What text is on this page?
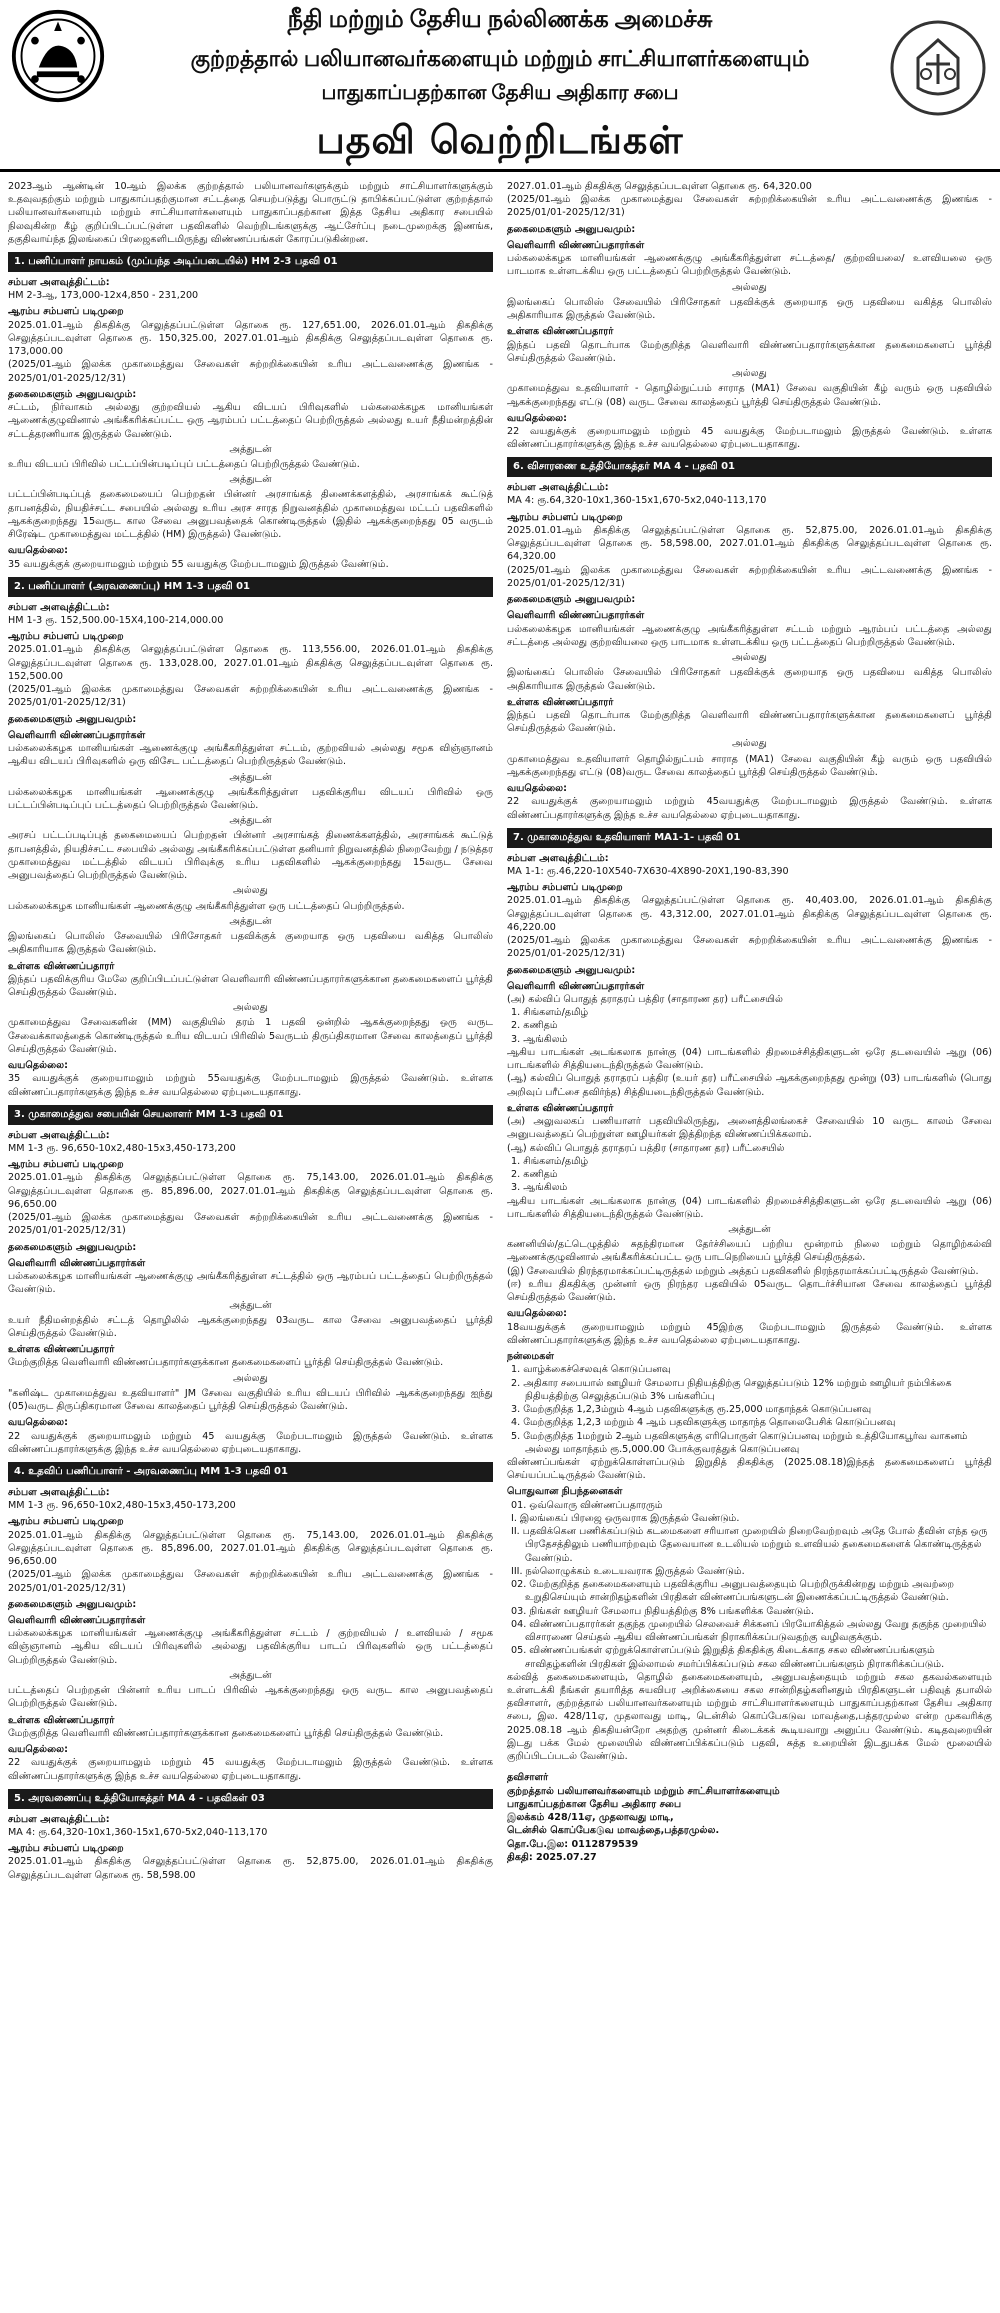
நீதி மற்றும் தேசிய நல்லிணக்க அமைச்சு
குற்றத்தால் பலியானவர்களையும் மற்றும் சாட்சியாளர்களையும்
பாதுகாப்பதற்கான தேசிய அதிகார சபை
பதவி வெற்றிடங்கள்
2023ஆம் ஆண்டின் 10ஆம் இலக்க குற்றத்தால் பலியானவர்களுக்கும் மற்றும் சாட்சியாளர்களுக்கும் உதவுவதற்கும் மற்றும் பாதுகாப்பதற்குமான சட்டத்தை செயற்படுத்து பொருட்டு தாபிக்கப்பட்டுள்ள குற்றத்தால் பலியானவர்களையும் மற்றும் சாட்சியாளர்களையும் பாதுகாப்பதற்கான இத்த தேசிய அதிகார சபையில் நிலவுகின்ற கீழ் குறிப்பிடப்பட்டுள்ள பதவிகளில் வெற்றிடங்களுக்கு ஆட்சேர்ப்பு நடைமுறைக்கு இணங்க, தகுதிவாய்ந்த இலங்கைப் பிரஜைகளிடமிருந்து விண்ணப்பங்கள் கோரப்படுகின்றன.
1. பணிப்பாளர் நாயகம் (முப்பந்த அடிப்படையில்) HM 2-3 பதவி 01
சம்பள அளவுத்திட்டம்:
HM 2-3ஆ, 173,000-12x4,850 - 231,200
ஆரம்ப சம்பளப் படிமுறை
2025.01.01ஆம் திகதிக்கு செலுத்தப்பட்டுள்ள தொகை ரூ. 127,651.00, 2026.01.01ஆம் திகதிக்கு செலுத்தப்படவுள்ள தொகை ரூ. 150,325.00, 2027.01.01ஆம் திகதிக்கு செலுத்தப்படவுள்ள தொகை ரூ. 173,000.00
(2025/01ஆம் இலக்க முகாமைத்துவ சேவைகள் சுற்றறிக்கையின் உரிய அட்டவணைக்கு இணங்க - 2025/01/01-2025/12/31)
தகைமைகளும் அனுபவமும்:
சட்டம், நிர்வாகம் அல்லது குற்றவியல் ஆகிய விடயப் பிரிவுகளில் பல்கலைக்கழக மானியங்கள் ஆணைக்குழுவினால் அங்கீகரிக்கப்பட்ட ஒரு ஆரம்பப் பட்டத்தைப் பெற்றிருத்தல் அல்லது உயர் நீதிமன்றத்தின் சட்டத்தரணியாக இருத்தல் வேண்டும்.
அத்துடன்
உரிய விடயப் பிரிவில் பட்டப்பின்படிப்புப் பட்டத்தைப் பெற்றிருத்தல் வேண்டும்.
அத்துடன்
பட்டப்பின்படிப்புத் தகைமையைப் பெற்றதன் பின்னர் அரசாங்கத் திணைக்களத்தில், அரசாங்கக் கூட்டுத் தாபனத்தில், நியதிச்சட்ட சபையில் அல்லது உரிய அரச சாரத நிறுவனத்தில் முகாமைத்துவ மட்டப் பதவிகளில் ஆகக்குறைந்தது 15வருட கால சேவை அனுபவத்தைக் கொண்டிருத்தல் (இதில் ஆகக்குறைந்தது 05 வருடம் சிரேஷ்ட முகாமைத்துவ மட்டத்தில் (HM) இருத்தல்) வேண்டும்.
வயதெல்லை:
35 வயதுக்குக் குறையாமலும் மற்றும் 55 வயதுக்கு மேற்படாமலும் இருத்தல் வேண்டும்.
2. பணிப்பாளர் (அரவணைப்பு) HM 1-3 பதவி 01
சம்பள அளவுத்திட்டம்:
HM 1-3 ரூ. 152,500.00-15X4,100-214,000.00
ஆரம்ப சம்பளப் படிமுறை
2025.01.01ஆம் திகதிக்கு செலுத்தப்பட்டுள்ள தொகை ரூ. 113,556.00, 2026.01.01ஆம் திகதிக்கு செலுத்தப்படவுள்ள தொகை ரூ. 133,028.00, 2027.01.01ஆம் திகதிக்கு செலுத்தப்படவுள்ள தொகை ரூ. 152,500.00
(2025/01ஆம் இலக்க முகாமைத்துவ சேவைகள் சுற்றறிக்கையின் உரிய அட்டவணைக்கு இணங்க - 2025/01/01-2025/12/31)
தகைமைகளும் அனுபவமும்:
வெளிவாரி விண்ணப்பதாரர்கள்
பல்கலைக்கழக மானியங்கள் ஆணைக்குழு அங்கீகரித்துள்ள சட்டம், குற்றவியல் அல்லது சமூக விஞ்ஞானம் ஆகிய விடயப் பிரிவுகளில் ஒரு விசேட பட்டத்தைப் பெற்றிருத்தல் வேண்டும்.
அத்துடன்
பல்கலைக்கழக மானியங்கள் ஆணைக்குழு அங்கீகரித்துள்ள பதவிக்குரிய விடயப் பிரிவில் ஒரு பட்டப்பின்படிப்புப் பட்டத்தைப் பெற்றிருத்தல் வேண்டும்.
அத்துடன்
அரசப் பட்டப்படிப்புத் தகைமையைப் பெற்றதன் பின்னர் அரசாங்கத் திணைக்களத்தில், அரசாங்கக் கூட்டுத் தாபனத்தில், நியதிச்சட்ட சபையில் அல்லது அங்கீகரிக்கப்பட்டுள்ள தனியார் நிறுவனத்தில் நிறைவேற்று / நடுத்தர முகாமைத்துவ மட்டத்தில் விடயப் பிரிவுக்கு உரிய பதவிகளில் ஆகக்குறைந்தது 15வருட சேவை அனுபவத்தைப் பெற்றிருத்தல் வேண்டும்.
அல்லது
பல்கலைக்கழக மானியங்கள் ஆணைக்குழு அங்கீகரித்துள்ள ஒரு பட்டத்தைப் பெற்றிருத்தல்.
அத்துடன்
இலங்கைப் பொலிஸ் சேவையில் பிரிசோதகர் பதவிக்குக் குறையாத ஒரு பதவியை வகித்த பொலிஸ் அதிகாரியாக இருத்தல் வேண்டும்.
உள்ளக விண்ணப்பதாரர்
இந்தப் பதவிக்குரிய மேலே குறிப்பிடப்பட்டுள்ள வெளிவாரி விண்ணப்பதாரர்களுக்கான தகைமைகளைப் பூர்த்தி செய்திருத்தல் வேண்டும்.
அல்லது
முகாமைத்துவ சேவைகளின் (MM) வகுதியில் தரம் 1 பதவி ஒன்றில் ஆகக்குறைந்தது ஒரு வருட சேவைக்காலத்தைக் கொண்டிருத்தல் உரிய விடயப் பிரிவில் 5வருடம் திருப்திகரமான சேவை காலத்தைப் பூர்த்தி செய்திருத்தல் வேண்டும்.
வயதெல்லை:
35 வயதுக்குக் குறையாமலும் மற்றும் 55வயதுக்கு மேற்படாமலும் இருத்தல் வேண்டும். உள்ளக விண்ணப்பதாரர்களுக்கு இந்த உச்ச வயதெல்லை ஏற்புடையதாகாது.
3. முகாமைத்துவ சபையின் செயலாளர் MM 1-3 பதவி 01
சம்பள அளவுத்திட்டம்:
MM 1-3 ரூ. 96,650-10x2,480-15x3,450-173,200
ஆரம்ப சம்பளப் படிமுறை
2025.01.01ஆம் திகதிக்கு செலுத்தப்பட்டுள்ள தொகை ரூ. 75,143.00, 2026.01.01ஆம் திகதிக்கு செலுத்தப்படவுள்ள தொகை ரூ. 85,896.00, 2027.01.01ஆம் திகதிக்கு செலுத்தப்படவுள்ள தொகை ரூ. 96,650.00
(2025/01ஆம் இலக்க முகாமைத்துவ சேவைகள் சுற்றறிக்கையின் உரிய அட்டவணைக்கு இணங்க - 2025/01/01-2025/12/31)
தகைமைகளும் அனுபவமும்:
வெளிவாரி விண்ணப்பதாரர்கள்
பல்கலைக்கழக மானியங்கள் ஆணைக்குழு அங்கீகரித்துள்ள சட்டத்தில் ஒரு ஆரம்பப் பட்டத்தைப் பெற்றிருத்தல் வேண்டும்.
அத்துடன்
உயர் நீதிமன்றத்தில் சட்டத் தொழிலில் ஆகக்குறைந்தது 03வருட கால சேவை அனுபவத்தைப் பூர்த்தி செய்திருத்தல் வேண்டும்.
உள்ளக விண்ணப்பதாரர்
மேற்குறித்த வெளிவாரி விண்ணப்பதாரர்களுக்கான தகைமைகளைப் பூர்த்தி செய்திருத்தல் வேண்டும்.
அல்லது
"கனிஷ்ட முகாமைத்துவ உதவியாளர்" JM சேவை வகுதியில் உரிய விடயப் பிரிவில் ஆகக்குறைந்தது ஐந்து (05)வருட திருப்திகரமான சேவை காலத்தைப் பூர்த்தி செய்திருத்தல் வேண்டும்.
வயதெல்லை:
22 வயதுக்குக் குறையாமலும் மற்றும் 45 வயதுக்கு மேற்படாமலும் இருத்தல் வேண்டும். உள்ளக விண்ணப்பதாரர்களுக்கு இந்த உச்ச வயதெல்லை ஏற்புடையதாகாது.
4. உதவிப் பணிப்பாளர் - அரவணைப்பு MM 1-3 பதவி 01
சம்பள அளவுத்திட்டம்:
MM 1-3 ரூ. 96,650-10x2,480-15x3,450-173,200
ஆரம்ப சம்பளப் படிமுறை
2025.01.01ஆம் திகதிக்கு செலுத்தப்பட்டுள்ள தொகை ரூ. 75,143.00, 2026.01.01ஆம் திகதிக்கு செலுத்தப்படவுள்ள தொகை ரூ. 85,896.00, 2027.01.01ஆம் திகதிக்கு செலுத்தப்படவுள்ள தொகை ரூ. 96,650.00
(2025/01ஆம் இலக்க முகாமைத்துவ சேவைகள் சுற்றறிக்கையின் உரிய அட்டவணைக்கு இணங்க - 2025/01/01-2025/12/31)
தகைமைகளும் அனுபவமும்:
வெளிவாரி விண்ணப்பதாரர்கள்
பல்கலைக்கழக மானியங்கள் ஆணைக்குழு அங்கீகரித்துள்ள சட்டம் / குற்றவியல் / உளவியல் / சமூக விஞ்ஞானம் ஆகிய விடயப் பிரிவுகளில் அல்லது பதவிக்குரிய பாடப் பிரிவுகளில் ஒரு பட்டத்தைப் பெற்றிருத்தல் வேண்டும்.
அத்துடன்
பட்டத்தைப் பெற்றதன் பின்னர் உரிய பாடப் பிரிவில் ஆகக்குறைந்தது ஒரு வருட கால அனுபவத்தைப் பெற்றிருத்தல் வேண்டும்.
உள்ளக விண்ணப்பதாரர்
மேற்குறித்த வெளிவாரி விண்ணப்பதாரர்களுக்கான தகைமைகளைப் பூர்த்தி செய்திருத்தல் வேண்டும்.
வயதெல்லை:
22 வயதுக்குக் குறையாமலும் மற்றும் 45 வயதுக்கு மேற்படாமலும் இருத்தல் வேண்டும். உள்ளக விண்ணப்பதாரர்களுக்கு இந்த உச்ச வயதெல்லை ஏற்புடையதாகாது.
5. அரவணைப்பு உத்தியோகத்தர் MA 4 - பதவிகள் 03
சம்பள அளவுத்திட்டம்:
MA 4: ரூ.64,320-10x1,360-15x1,670-5x2,040-113,170
ஆரம்ப சம்பளப் படிமுறை
2025.01.01ஆம் திகதிக்கு செலுத்தப்பட்டுள்ள தொகை ரூ. 52,875.00, 2026.01.01ஆம் திகதிக்கு செலுத்தப்படவுள்ள தொகை ரூ. 58,598.00
2027.01.01ஆம் திகதிக்கு செலுத்தப்படவுள்ள தொகை ரூ. 64,320.00
(2025/01ஆம் இலக்க முகாமைத்துவ சேவைகள் சுற்றறிக்கையின் உரிய அட்டவணைக்கு இணங்க - 2025/01/01-2025/12/31)
தகைமைகளும் அனுபவமும்:
வெளிவாரி விண்ணப்பதாரர்கள்
பல்கலைக்கழக மானியங்கள் ஆணைக்குழு அங்கீகரித்துள்ள சட்டத்தை/ குற்றவியலை/ உளவியலை ஒரு பாடமாக உள்ளடக்கிய ஒரு பட்டத்தைப் பெற்றிருத்தல் வேண்டும்.
அல்லது
இலங்கைப் பொலிஸ் சேவையில் பிரிசோதகர் பதவிக்குக் குறையாத ஒரு பதவியை வகித்த பொலிஸ் அதிகாரியாக இருத்தல் வேண்டும்.
உள்ளக விண்ணப்பதாரர்
இந்தப் பதவி தொடர்பாக மேற்குறித்த வெளிவாரி விண்ணப்பதாரர்களுக்கான தகைமைகளைப் பூர்த்தி செய்திருத்தல் வேண்டும்.
அல்லது
முகாமைத்துவ உதவியாளர் - தொழில்நுட்பம் சாராத (MA1) சேவை வகுதியின் கீழ் வரும் ஒரு பதவியில் ஆகக்குறைந்தது எட்டு (08) வருட சேவை காலத்தைப் பூர்த்தி செய்திருத்தல் வேண்டும்.
வயதெல்லை:
22 வயதுக்குக் குறையாமலும் மற்றும் 45 வயதுக்கு மேற்படாமலும் இருத்தல் வேண்டும். உள்ளக விண்ணப்பதாரர்களுக்கு இந்த உச்ச வயதெல்லை ஏற்புடையதாகாது.
6. விசாரணை உத்தியோகத்தர் MA 4 - பதவி 01
சம்பள அளவுத்திட்டம்:
MA 4: ரூ.64,320-10x1,360-15x1,670-5x2,040-113,170
ஆரம்ப சம்பளப் படிமுறை
2025.01.01ஆம் திகதிக்கு செலுத்தப்பட்டுள்ள தொகை ரூ. 52,875.00, 2026.01.01ஆம் திகதிக்கு செலுத்தப்படவுள்ள தொகை ரூ. 58,598.00, 2027.01.01ஆம் திகதிக்கு செலுத்தப்படவுள்ள தொகை ரூ. 64,320.00
(2025/01ஆம் இலக்க முகாமைத்துவ சேவைகள் சுற்றறிக்கையின் உரிய அட்டவணைக்கு இணங்க - 2025/01/01-2025/12/31)
தகைமைகளும் அனுபவமும்:
வெளிவாரி விண்ணப்பதாரர்கள்
பல்கலைக்கழக மானியங்கள் ஆணைக்குழு அங்கீகரித்துள்ள சட்டம் மற்றும் ஆரம்பப் பட்டத்தை அல்லது சட்டத்தை அல்லது குற்றவியலை ஒரு பாடமாக உள்ளடக்கிய ஒரு பட்டத்தைப் பெற்றிருத்தல் வேண்டும்.
அல்லது
இலங்கைப் பொலிஸ் சேவையில் பிரிசோதகர் பதவிக்குக் குறையாத ஒரு பதவியை வகித்த பொலிஸ் அதிகாரியாக இருத்தல் வேண்டும்.
உள்ளக விண்ணப்பதாரர்
இந்தப் பதவி தொடர்பாக மேற்குறித்த வெளிவாரி விண்ணப்பதாரர்களுக்கான தகைமைகளைப் பூர்த்தி செய்திருத்தல் வேண்டும்.
அல்லது
முகாமைத்துவ உதவியாளர் தொழில்நுட்பம் சாராத (MA1) சேவை வகுதியின் கீழ் வரும் ஒரு பதவியில் ஆகக்குறைந்தது எட்டு (08)வருட சேவை காலத்தைப் பூர்த்தி செய்திருத்தல் வேண்டும்.
வயதெல்லை:
22 வயதுக்குக் குறையாமலும் மற்றும் 45வயதுக்கு மேற்படாமலும் இருத்தல் வேண்டும். உள்ளக விண்ணப்பதாரர்களுக்கு இந்த உச்ச வயதெல்லை ஏற்புடையதாகாது.
7. முகாமைத்துவ உதவியாளர் MA1-1- பதவி 01
சம்பள அளவுத்திட்டம்:
MA 1-1: ரூ.46,220-10X540-7X630-4X890-20X1,190-83,390
ஆரம்ப சம்பளப் படிமுறை
2025.01.01ஆம் திகதிக்கு செலுத்தப்பட்டுள்ள தொகை ரூ. 40,403.00, 2026.01.01ஆம் திகதிக்கு செலுத்தப்படவுள்ள தொகை ரூ. 43,312.00, 2027.01.01ஆம் திகதிக்கு செலுத்தப்படவுள்ள தொகை ரூ. 46,220.00
(2025/01ஆம் இலக்க முகாமைத்துவ சேவைகள் சுற்றறிக்கையின் உரிய அட்டவணைக்கு இணங்க - 2025/01/01-2025/12/31)
தகைமைகளும் அனுபவமும்:
வெளிவாரி விண்ணப்பதாரர்கள்
(அ) கல்விப் பொதுத் தராதரப் பத்திர (சாதாரண தர) பரீட்சையில்
1. சிங்களம்/தமிழ்
2. கணிதம்
3. ஆங்கிலம்
ஆகிய பாடங்கள் அடங்கலாக நான்கு (04) பாடங்களில் திறமைச்சித்திகளுடன் ஒரே தடவையில் ஆறு (06) பாடங்களில் சித்தியடைந்திருத்தல் வேண்டும்.
(ஆ) கல்விப் பொதுத் தராதரப் பத்திர (உயர் தர) பரீட்சையில் ஆகக்குறைந்தது மூன்று (03) பாடங்களில் (பொது அறிவுப் பரீட்சை தவிர்ந்த) சித்தியடைந்திருத்தல் வேண்டும்.
உள்ளக விண்ணப்பதாரர்
(அ) அலுவலகப் பணியாளர் பதவியிலிருந்து, அனைத்திலங்கைச் சேவையில் 10 வருட காலம் சேவை அனுபவத்தைப் பெற்றுள்ள ஊழியர்கள் இத்திறந்த விண்ணப்பிக்கலாம்.
(ஆ) கல்விப் பொதுத் தராதரப் பத்திர (சாதாரண தர) பரீட்சையில்
1. சிங்களம்/தமிழ்
2. கணிதம்
3. ஆங்கிலம்
ஆகிய பாடங்கள் அடங்கலாக நான்கு (04) பாடங்களில் திறமைச்சித்திகளுடன் ஒரே தடவையில் ஆறு (06) பாடங்களில் சித்தியடைந்திருத்தல் வேண்டும்.
அத்துடன்
கணனியில்/தட்டெழுத்தில் சுதந்திரமான தேர்ச்சியைப் பற்றிய மூன்றாம் நிலை மற்றும் தொழிற்கல்வி ஆணைக்குழுவினால் அங்கீகரிக்கப்பட்ட ஒரு பாடநெறியைப் பூர்த்தி செய்திருத்தல்.
(இ) சேவையில் நிரந்தரமாக்கப்பட்டிருத்தல் மற்றும் அத்தப் பதவிகளில் நிரந்தரமாக்கப்பட்டிருத்தல் வேண்டும்.
(ஈ) உரிய திகதிக்கு முன்னர் ஒரு நிரந்தர பதவியில் 05வருட தொடர்ச்சியான சேவை காலத்தைப் பூர்த்தி செய்திருத்தல் வேண்டும்.
வயதெல்லை:
18வயதுக்குக் குறையாமலும் மற்றும் 45இற்கு மேற்படாமலும் இருத்தல் வேண்டும். உள்ளக விண்ணப்பதாரர்களுக்கு இந்த உச்ச வயதெல்லை ஏற்புடையதாகாது.
நன்மைகள்
1. வாழ்க்கைச்செலவுக் கொடுப்பனவு
2. அதிகார சபையால் ஊழியர் சேமலாப நிதியத்திற்கு செலுத்தப்படும் 12% மற்றும் ஊழியர் நம்பிக்கை நிதியத்திற்கு செலுத்தப்படும் 3% பங்களிப்பு
3. மேற்குறித்த 1,2,3ம்றும் 4ஆம் பதவிகளுக்கு ரூ.25,000 மாதாந்தக் கொடுப்பனவு
4. மேற்குறித்த 1,2,3 மற்றும் 4 ஆம் பதவிகளுக்கு மாதாந்த தொலைபேசிக் கொடுப்பனவு
5. மேற்குறித்த 1மற்றும் 2ஆம் பதவிகளுக்கு எரிபொருள் கொடுப்பனவு மற்றும் உத்தியோகபூர்வ வாகனம் அல்லது மாதாந்தம் ரூ.5,000.00 போக்குவரத்துக் கொடுப்பனவு
விண்ணப்பங்கள் ஏற்றுக்கொள்ளப்படும் இறுதித் திகதிக்கு (2025.08.18)இந்தத் தகைமைகளைப் பூர்த்தி செய்யப்பட்டிருத்தல் வேண்டும்.
பொதுவான நிபந்தனைகள்
01. ஒவ்வொரு விண்ணப்பதாரரும்
I. இலங்கைப் பிரஜை ஒருவராக இருத்தல் வேண்டும்.
II. பதவிக்கென பணிக்கப்படும் கடமைகளை சரியான முறையில் நிறைவேற்றவும் அதே போல் தீவின் எந்த ஒரு பிரதேசத்திலும் பணியாற்றவும் தேவையான உடலியல் மற்றும் உளவியல் தகைமைகளைக் கொண்டிருத்தல் வேண்டும்.
III. நல்லொழுக்கம் உடையவராக இருத்தல் வேண்டும்.
02. மேற்குறித்த தகைமைகளையும் பதவிக்குரிய அனுபவத்தையும் பெற்றிருக்கின்றது மற்றும் அவற்றை உறுதிசெய்யும் சான்றிதழ்களின் பிரதிகள் விண்ணப்பங்களுடன் இணைக்கப்பட்டிருத்தல் வேண்டும்.
03. நிங்கள் ஊழியர் சேமலாப நிதியத்திற்கு 8% பங்களிக்க வேண்டும்.
04. விண்ணப்பதாரர்கள் தகுந்த முறையில் செலவைச் சிக்கனப் பிரயோகித்தல் அல்லது வேறு தகுந்த முறையில் விசாரணை செய்தல் ஆகிய விண்ணப்பங்கள் நிராகரிக்கப்படுவதற்கு வழிவகுக்கும்.
05. விண்ணப்பங்கள் ஏற்றுக்கொள்ளப்படும் இறுதித் திகதிக்கு கிடைக்காத சகல விண்ணப்பங்களும் சாவிதழ்களின் பிரதிகள் இல்லாமல் சமர்ப்பிக்கப்படும் சகல விண்ணப்பங்களும் நிராகரிக்கப்படும்.
கல்வித் தகைமைகளையும், தொழில் தகைமைகளையும், அனுபவத்தையும் மற்றும் சகல தகவல்களையும் உள்ளடக்கி நீங்கள் தயாரித்த சுயவிபர அறிக்கையை சகல சான்றிதழ்களினதும் பிரதிகளுடன் பதிவுத் தபாலில் தவிசாளர், குற்றத்தால் பலியானவர்களையும் மற்றும் சாட்சியாளர்களையும் பாதுகாப்பதற்கான தேசிய அதிகார சபை, இல. 428/11ஏ, முதலாவது மாடி, டென்சில் கொப்பேகடுவ மாவத்தை,பத்தரமுல்ல என்ற முகவரிக்கு 2025.08.18 ஆம் திகதியன்றோ அதற்கு முன்னர் கிடைக்கக் கூடியவாறு அனுப்ப வேண்டும். கடிதவுறையின் இடது பக்க மேல் மூலையில் விண்ணப்பிக்கப்படும் பதவி, சுத்த உறையின் இடதுபக்க மேல் மூலையில் குறிப்பிடப்படல் வேண்டும்.
தவிசாளர்
குற்றத்தால் பலியானவர்களையும் மற்றும் சாட்சியாளர்களையும்
பாதுகாப்பதற்கான தேசிய அதிகார சபை
இலக்கம் 428/11ஏ, முதலாவது மாடி,
டென்சில் கொப்பேகடுவ மாவத்தை,பத்தரமுல்ல.
தொ.பே.இல: 0112879539
திகதி: 2025.07.27
